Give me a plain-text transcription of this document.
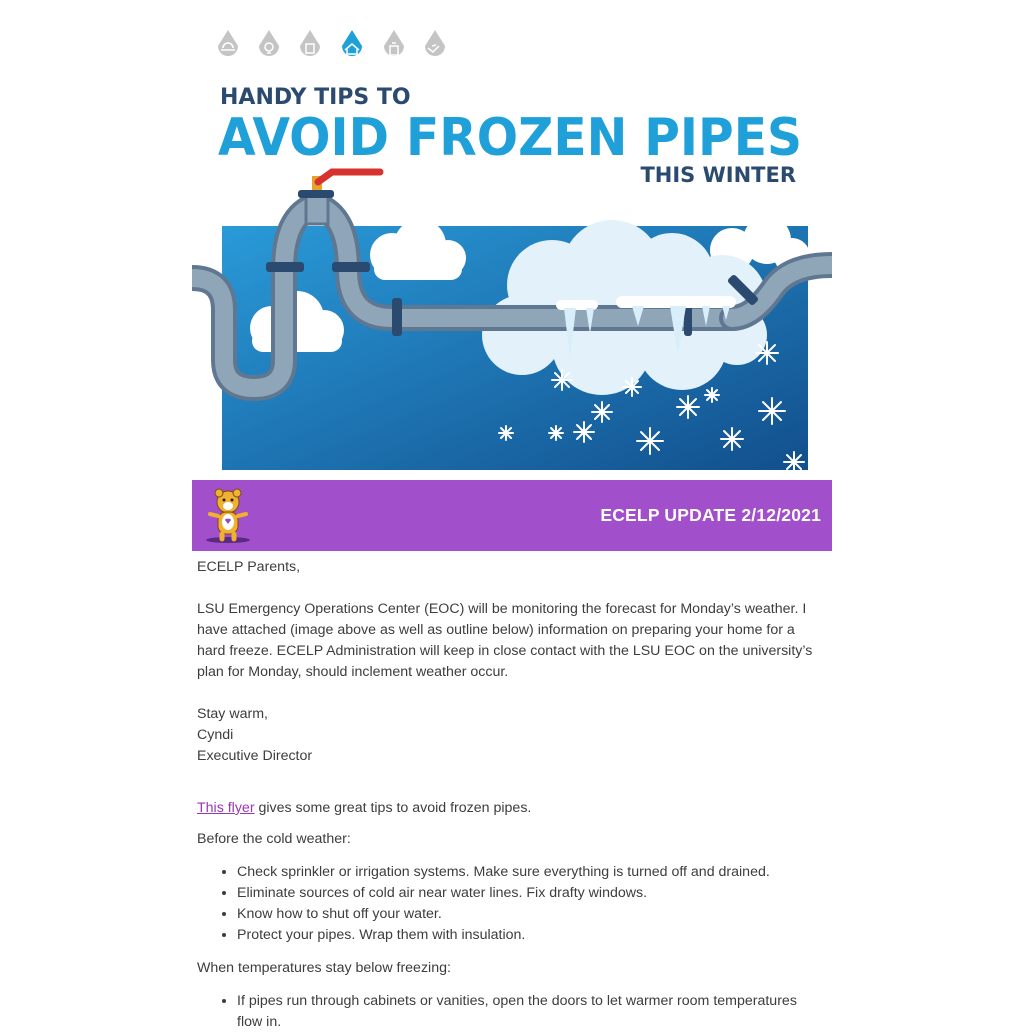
HANDY TIPS TO
AVOID FROZEN PIPES
THIS WINTER
ECELP UPDATE 2/12/2021

ECELP Parents,

LSU Emergency Operations Center (EOC) will be monitoring the forecast for Monday’s weather. I have attached (image above as well as outline below) information on preparing your home for a hard freeze. ECELP Administration will keep in close contact with the LSU EOC on the university’s plan for Monday, should inclement weather occur.

Stay warm,

Cyndi

Executive Director

This flyer gives some great tips to avoid frozen pipes.

Before the cold weather:

• Check sprinkler or irrigation systems. Make sure everything is turned off and drained.
• Eliminate sources of cold air near water lines. Fix drafty windows.
• Know how to shut off your water.
• Protect your pipes. Wrap them with insulation.

When temperatures stay below freezing:

• If pipes run through cabinets or vanities, open the doors to let warmer room temperatures flow in.
